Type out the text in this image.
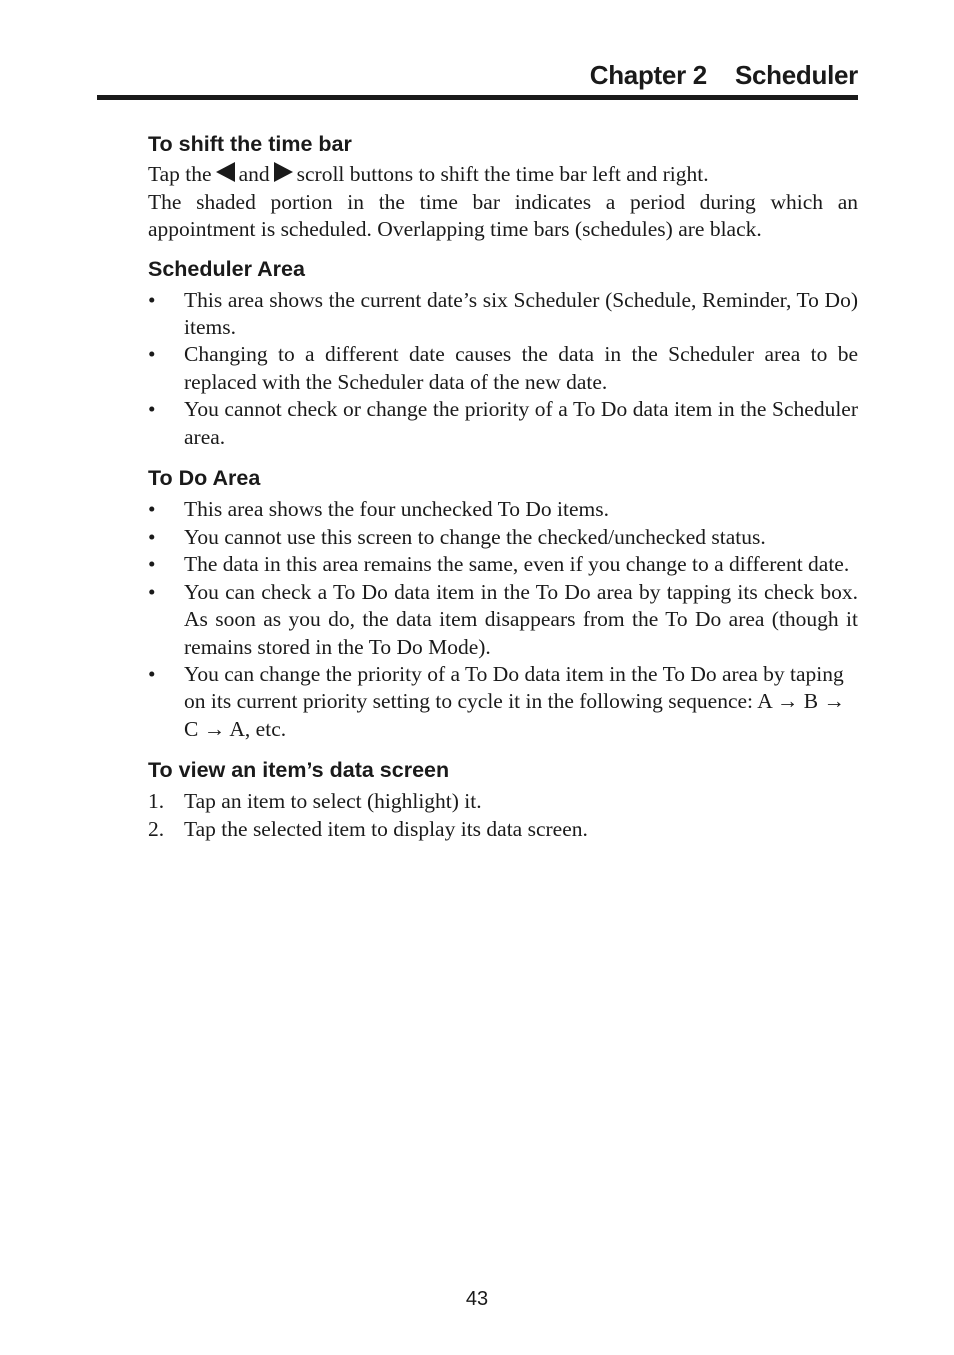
Chapter 2 Scheduler
To shift the time bar

Tap the and scroll buttons to shift the time bar left and right.

The shaded portion in the time bar indicates a period during which an appointment is scheduled. Overlapping time bars (schedules) are black.

Scheduler Area
• This area shows the current date’s six Scheduler (Schedule, Reminder, To Do) items.
• Changing to a different date causes the data in the Scheduler area to be replaced with the Scheduler data of the new date.
• You cannot check or change the priority of a To Do data item in the Scheduler area.
To Do Area
• This area shows the four unchecked To Do items.
• You cannot use this screen to change the checked/unchecked status.
• The data in this area remains the same, even if you change to a different date.
• You can check a To Do data item in the To Do area by tapping its check box. As soon as you do, the data item disappears from the To Do area (though it remains stored in the To Do Mode).
• You can change the priority of a To Do data item in the To Do area by taping on its current priority setting to cycle it in the following sequence: A → B → C → A, etc.
To view an item’s data screen
1. Tap an item to select (highlight) it.
2. Tap the selected item to display its data screen.
43
